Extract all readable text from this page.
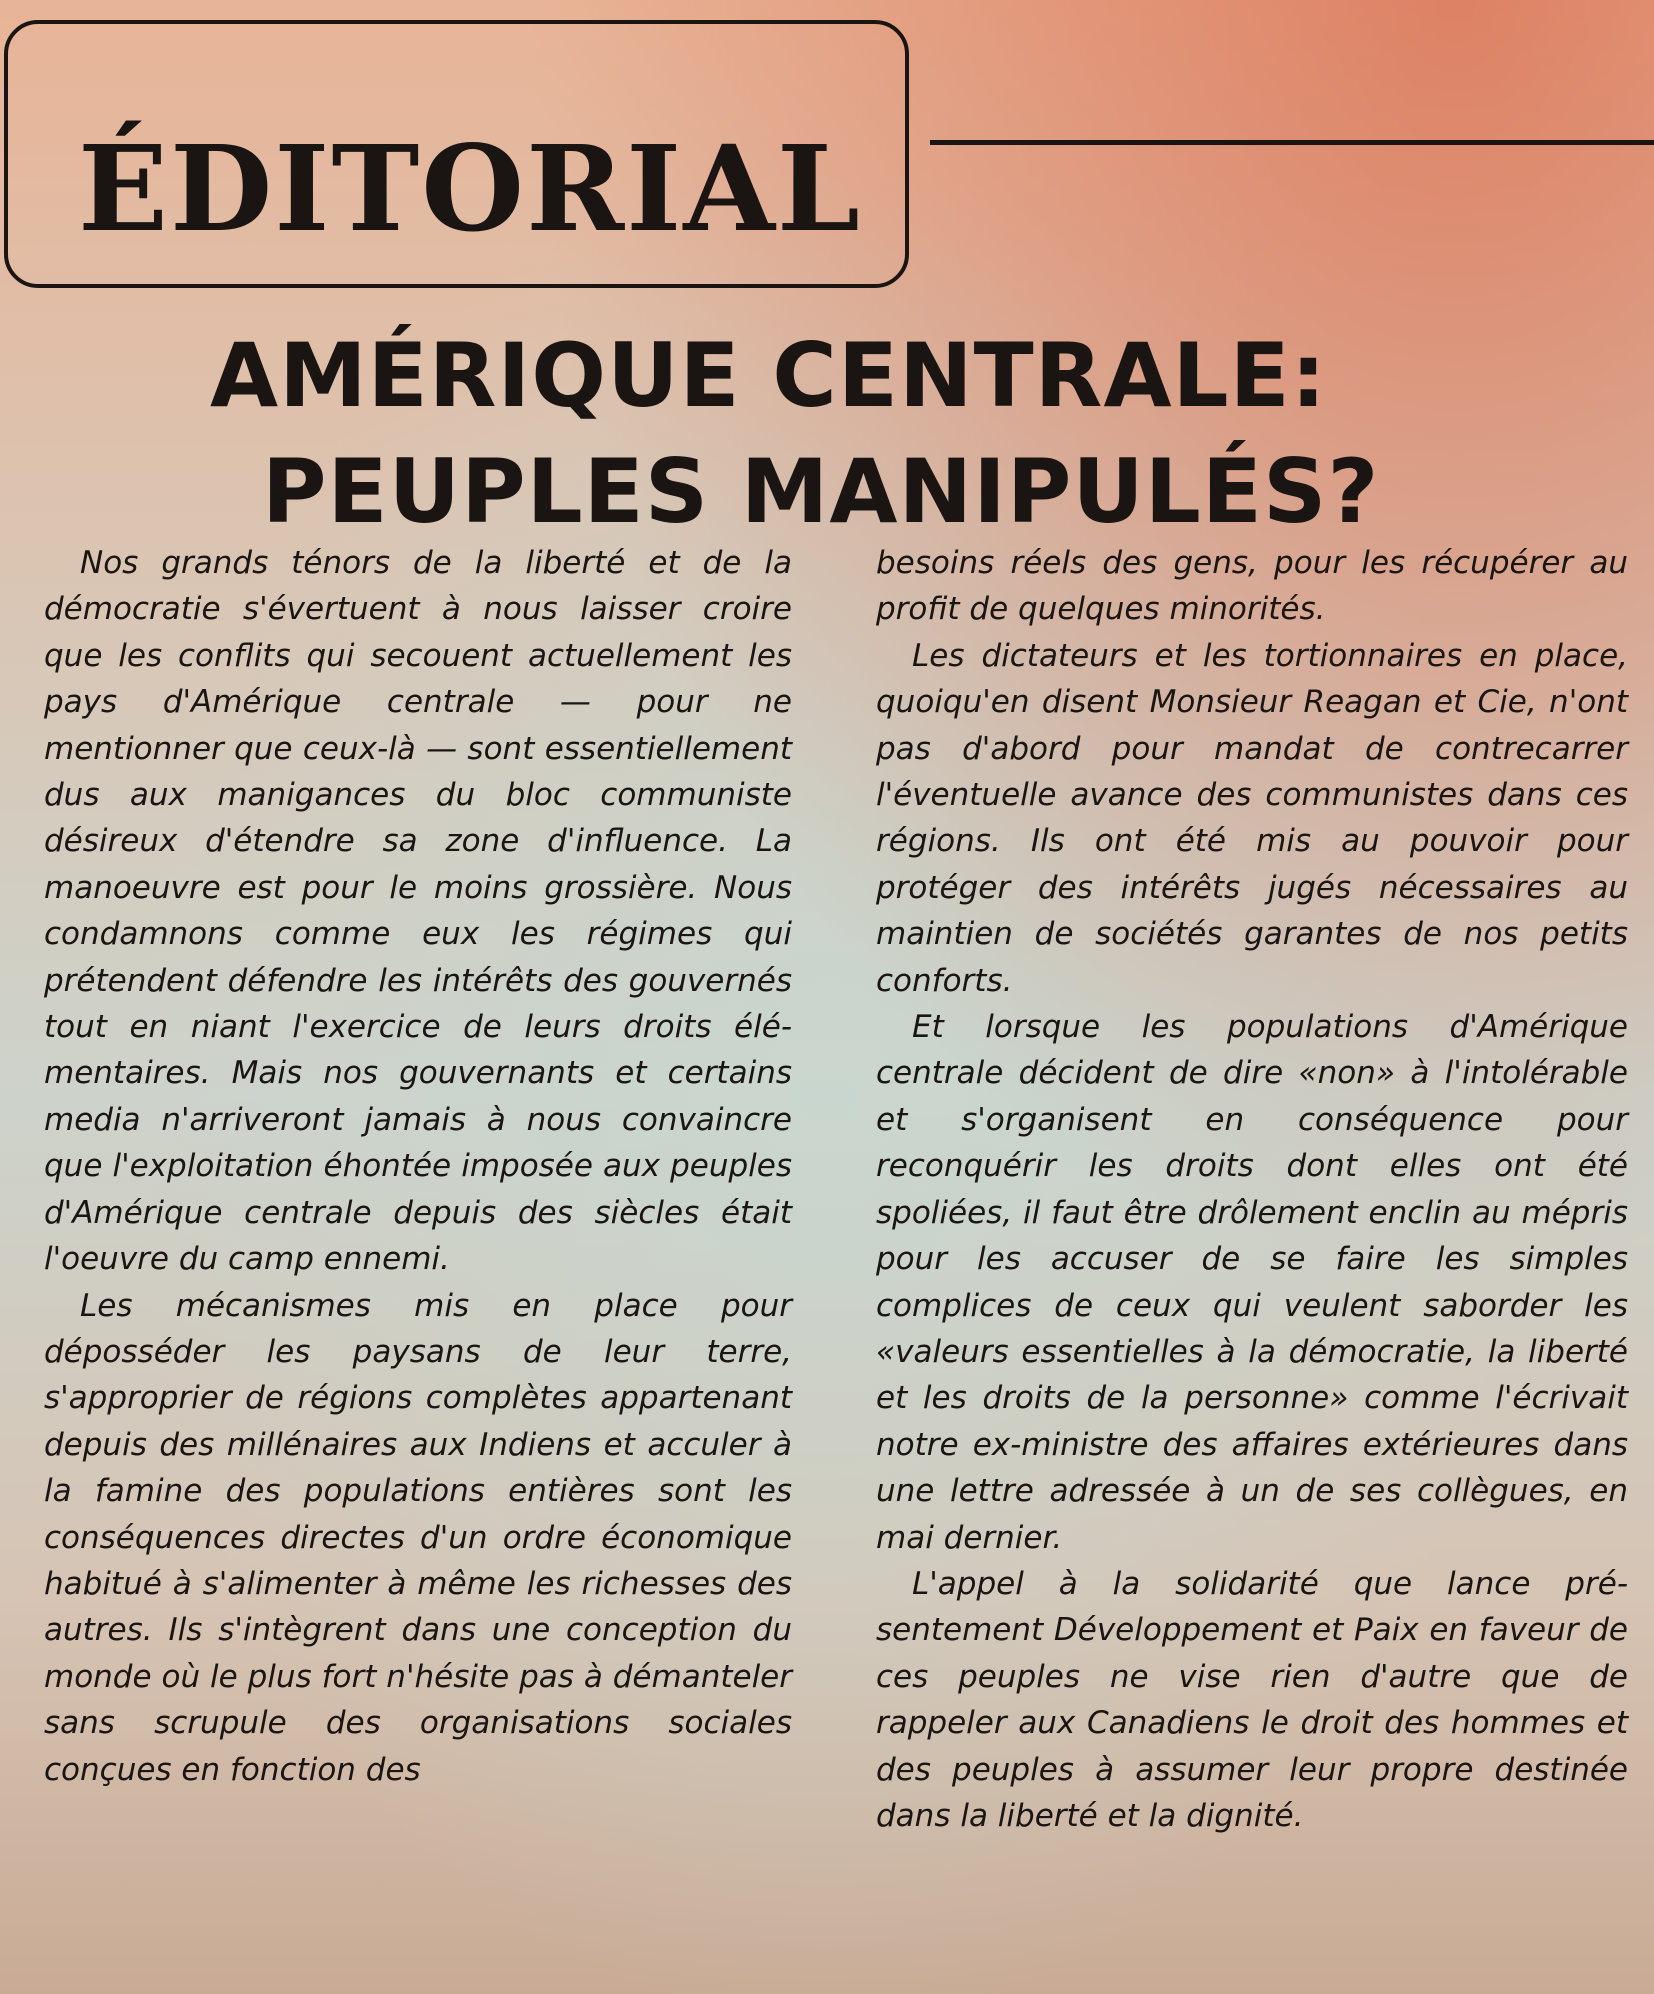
ÉDITORIAL
AMÉRIQUE CENTRALE:
PEUPLES MANIPULÉS?

Nos grands ténors de la liberté et de la démocratie s'évertuent à nous laisser croire que les conflits qui secouent actuellement les pays d'Amérique centrale — pour ne mentionner que ceux-là — sont essentiellement dus aux manigances du bloc communiste désireux d'étendre sa zone d'influence. La manoeuvre est pour le moins grossière. Nous condamnons comme eux les régimes qui prétendent défendre les intérêts des gouvernés tout en niant l'exercice de leurs droits élémentaires. Mais nos gouvernants et certains media n'arriveront jamais à nous convaincre que l'exploitation éhontée imposée aux peuples d'Amérique centrale depuis des siècles était l'oeuvre du camp ennemi.

Les mécanismes mis en place pour déposséder les paysans de leur terre, s'approprier de régions complètes appartenant depuis des millénaires aux Indiens et acculer à la famine des populations entières sont les conséquences directes d'un ordre économique habitué à s'alimenter à même les richesses des autres. Ils s'intègrent dans une conception du monde où le plus fort n'hésite pas à démanteler sans scrupule des organisations sociales conçues en fonction des

besoins réels des gens, pour les récupérer au profit de quelques minorités.

Les dictateurs et les tortionnaires en place, quoiqu'en disent Monsieur Reagan et Cie, n'ont pas d'abord pour mandat de contrecarrer l'éventuelle avance des communistes dans ces régions. Ils ont été mis au pouvoir pour protéger des intérêts jugés nécessaires au maintien de sociétés garantes de nos petits conforts.

Et lorsque les populations d'Amérique centrale décident de dire «non» à l'intolérable et s'organisent en conséquence pour reconquérir les droits dont elles ont été spoliées, il faut être drôlement enclin au mépris pour les accuser de se faire les simples complices de ceux qui veulent saborder les «valeurs essentielles à la démocratie, la liberté et les droits de la personne» comme l'écrivait notre ex-ministre des affaires extérieures dans une lettre adressée à un de ses collègues, en mai dernier.

L'appel à la solidarité que lance présentement Développement et Paix en faveur de ces peuples ne vise rien d'autre que de rappeler aux Canadiens le droit des hommes et des peuples à assumer leur propre destinée dans la liberté et la dignité.
